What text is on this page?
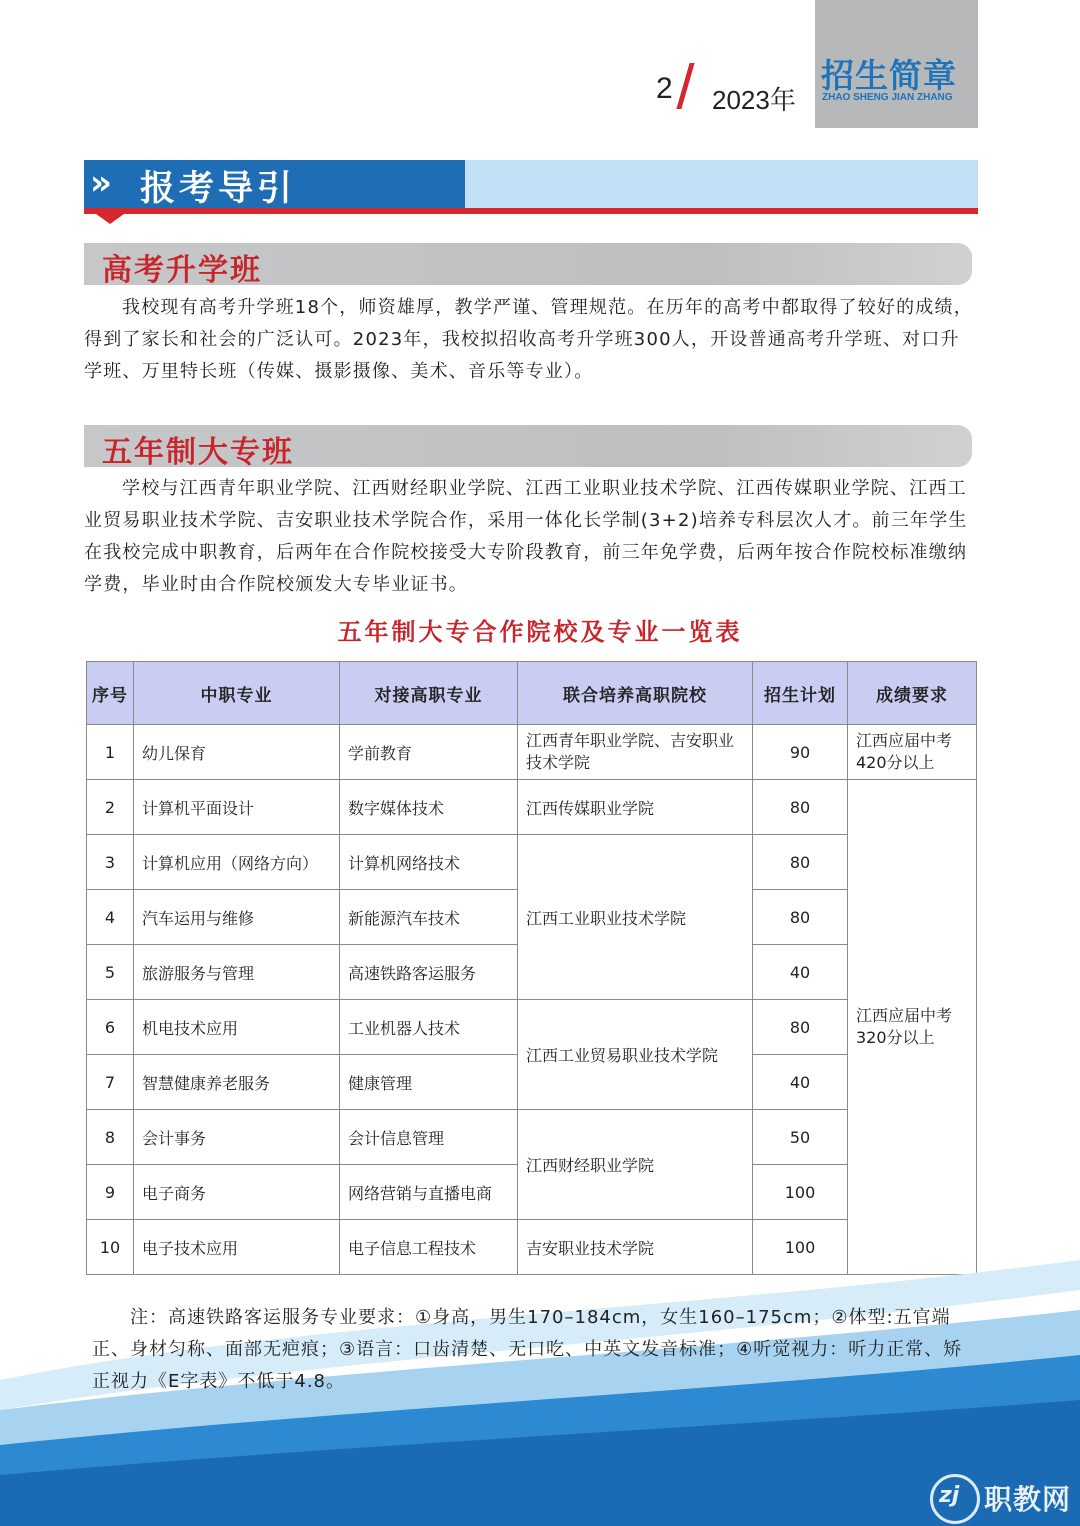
招生简章
ZHAO SHENG JIAN ZHANG
2 2023年
» 报考导引
高考升学班

我校现有高考升学班18个，师资雄厚，教学严谨、管理规范。在历年的高考中都取得了较好的成绩，得到了家长和社会的广泛认可。2023年，我校拟招收高考升学班300人，开设普通高考升学班、对口升学班、万里特长班（传媒、摄影摄像、美术、音乐等专业）。

五年制大专班

学校与江西青年职业学院、江西财经职业学院、江西工业职业技术学院、江西传媒职业学院、江西工业贸易职业技术学院、吉安职业技术学院合作，采用一体化长学制(3+2)培养专科层次人才。前三年学生在我校完成中职教育，后两年在合作院校接受大专阶段教育，前三年免学费，后两年按合作院校标准缴纳学费，毕业时由合作院校颁发大专毕业证书。

五年制大专合作院校及专业一览表
序号	中职专业	对接高职专业	联合培养高职院校	招生计划	成绩要求
1	幼儿保育	学前教育	江西青年职业学院、吉安职业技术学院	90	江西应届中考420分以上
2	计算机平面设计	数字媒体技术	江西传媒职业学院	80	江西应届中考320分以上
3	计算机应用（网络方向）	计算机网络技术	江西工业职业技术学院	80	
4	汽车运用与维修	新能源汽车技术		80	
5	旅游服务与管理	高速铁路客运服务		40	
6	机电技术应用	工业机器人技术	江西工业贸易职业技术学院	80	
7	智慧健康养老服务	健康管理		40	
8	会计事务	会计信息管理	江西财经职业学院	50	
9	电子商务	网络营销与直播电商		100	
10	电子技术应用	电子信息工程技术	吉安职业技术学院	100	

注：高速铁路客运服务专业要求：①身高，男生170–184cm，女生160–175cm；②体型:五官端正、身材匀称、面部无疤痕；③语言：口齿清楚、无口吃、中英文发音标准；④听觉视力：听力正常、矫正视力《E字表》不低于4.8。

zj 职教网
